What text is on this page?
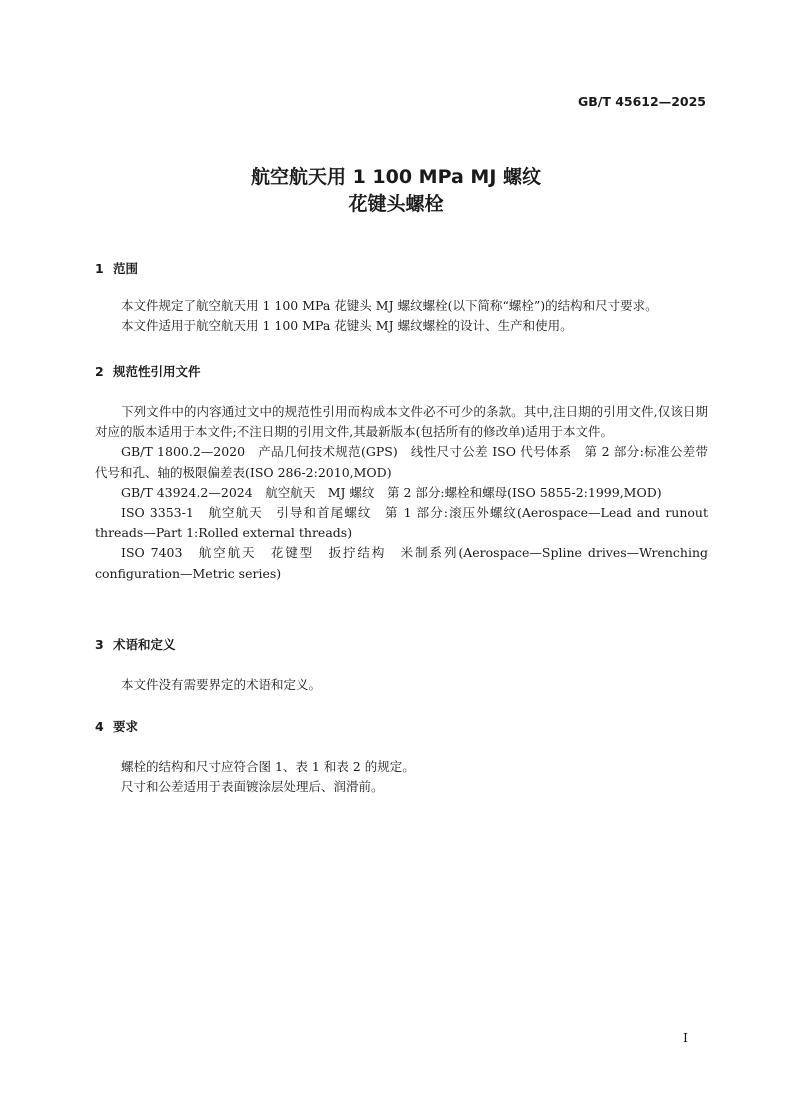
GB/T 45612—2025
航空航天用 1 100 MPa MJ 螺纹
花键头螺栓
1 范围

本文件规定了航空航天用 1 100 MPa 花键头 MJ 螺纹螺栓(以下简称“螺栓”)的结构和尺寸要求。

本文件适用于航空航天用 1 100 MPa 花键头 MJ 螺纹螺栓的设计、生产和使用。

2 规范性引用文件

下列文件中的内容通过文中的规范性引用而构成本文件必不可少的条款。其中,注日期的引用文件,仅该日期对应的版本适用于本文件;不注日期的引用文件,其最新版本(包括所有的修改单)适用于本文件。

GB/T 1800.2—2020　产品几何技术规范(GPS)　线性尺寸公差 ISO 代号体系　第 2 部分:标准公差带代号和孔、轴的极限偏差表(ISO 286-2:2010,MOD)

GB/T 43924.2—2024　航空航天　MJ 螺纹　第 2 部分:螺栓和螺母(ISO 5855-2:1999,MOD)

ISO 3353-1　航空航天　引导和首尾螺纹　第 1 部分:滚压外螺纹(Aerospace—Lead and runout threads—Part 1:Rolled external threads)

ISO 7403　航空航天　花键型　扳拧结构　米制系列(Aerospace—Spline drives—Wrenching configuration—Metric series)

3 术语和定义

本文件没有需要界定的术语和定义。

4 要求

螺栓的结构和尺寸应符合图 1、表 1 和表 2 的规定。

尺寸和公差适用于表面镀涂层处理后、润滑前。

I
